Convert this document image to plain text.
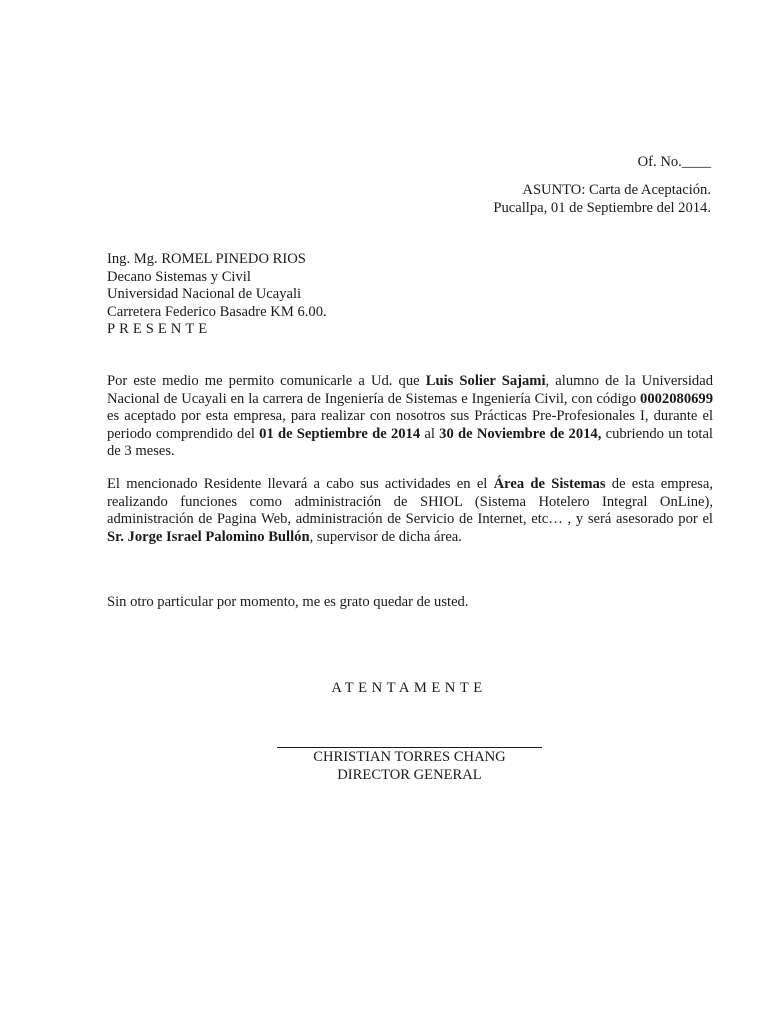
Of. No.____
ASUNTO: Carta de Aceptación.
Pucallpa, 01 de Septiembre del 2014.
Ing. Mg. ROMEL PINEDO RIOS
Decano Sistemas y Civil
Universidad Nacional de Ucayali
Carretera Federico Basadre KM 6.00.
PRESENTE

Por este medio me permito comunicarle a Ud. que Luis Solier Sajami, alumno de la Universidad Nacional de Ucayali en la carrera de Ingeniería de Sistemas e Ingeniería Civil, con código 0002080699 es aceptado por esta empresa, para realizar con nosotros sus Prácticas Pre-Profesionales I, durante el periodo comprendido del 01 de Septiembre de 2014 al 30 de Noviembre de 2014, cubriendo un total de 3 meses.

El mencionado Residente llevará a cabo sus actividades en el Área de Sistemas de esta empresa, realizando funciones como administración de SHIOL (Sistema Hotelero Integral OnLine), administración de Pagina Web, administración de Servicio de Internet, etc… , y será asesorado por el Sr. Jorge Israel Palomino Bullón, supervisor de dicha área.

Sin otro particular por momento, me es grato quedar de usted.

ATENTAMENTE
CHRISTIAN TORRES CHANG
DIRECTOR GENERAL
